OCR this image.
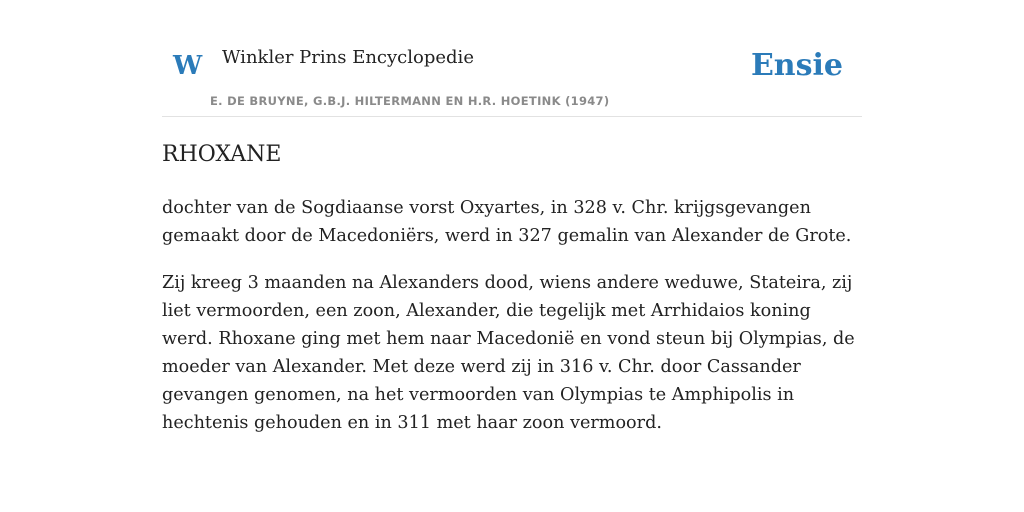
W Winkler Prins Encyclopedie
E. DE BRUYNE, G.B.J. HILTERMANN EN H.R. HOETINK (1947)
Ensie
RHOXANE

dochter van de Sogdiaanse vorst Oxyartes, in 328 v. Chr. krijgsgevangen gemaakt door de Macedoniërs, werd in 327 gemalin van Alexander de Grote.

Zij kreeg 3 maanden na Alexanders dood, wiens andere weduwe, Stateira, zij liet vermoorden, een zoon, Alexander, die tegelijk met Arrhidaios koning werd. Rhoxane ging met hem naar Macedonië en vond steun bij Olympias, de moeder van Alexander. Met deze werd zij in 316 v. Chr. door Cassander gevangen genomen, na het vermoorden van Olympias te Amphipolis in hechtenis gehouden en in 311 met haar zoon vermoord.
